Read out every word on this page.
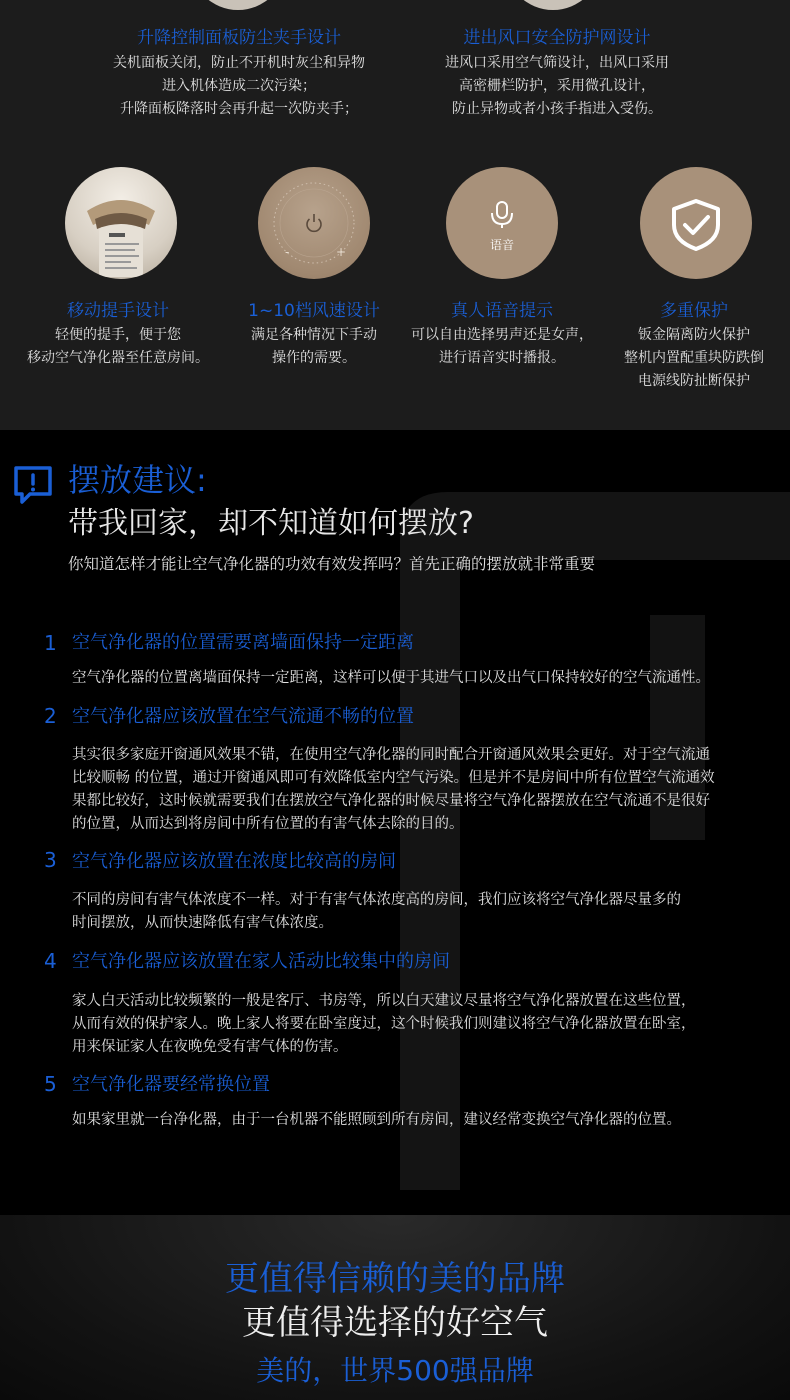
升降控制面板防尘夹手设计
关机面板关闭，防止不开机时灰尘和异物
进入机体造成二次污染；
升降面板降落时会再升起一次防夹手；
进出风口安全防护网设计
进风口采用空气筛设计，出风口采用
高密栅栏防护，采用微孔设计，
防止异物或者小孩手指进入受伤。
-	+	语音
移动提手设计
轻便的提手，便于您
移动空气净化器至任意房间。
1~10档风速设计
满足各种情况下手动
操作的需要。
真人语音提示
可以自由选择男声还是女声，
进行语音实时播报。
多重保护
钣金隔离防火保护
整机内置配重块防跌倒
电源线防扯断保护
摆放建议:
带我回家，却不知道如何摆放?
你知道怎样才能让空气净化器的功效有效发挥吗？首先正确的摆放就非常重要
1 空气净化器的位置需要离墙面保持一定距离
空气净化器的位置离墙面保持一定距离，这样可以便于其进气口以及出气口保持较好的空气流通性。
2 空气净化器应该放置在空气流通不畅的位置
其实很多家庭开窗通风效果不错，在使用空气净化器的同时配合开窗通风效果会更好。对于空气流通
比较顺畅 的位置，通过开窗通风即可有效降低室内空气污染。但是并不是房间中所有位置空气流通效
果都比较好，这时候就需要我们在摆放空气净化器的时候尽量将空气净化器摆放在空气流通不是很好
的位置，从而达到将房间中所有位置的有害气体去除的目的。
3 空气净化器应该放置在浓度比较高的房间
不同的房间有害气体浓度不一样。对于有害气体浓度高的房间，我们应该将空气净化器尽量多的
时间摆放，从而快速降低有害气体浓度。
4 空气净化器应该放置在家人活动比较集中的房间
家人白天活动比较频繁的一般是客厅、书房等，所以白天建议尽量将空气净化器放置在这些位置，
从而有效的保护家人。晚上家人将要在卧室度过，这个时候我们则建议将空气净化器放置在卧室，
用来保证家人在夜晚免受有害气体的伤害。
5 空气净化器要经常换位置
如果家里就一台净化器，由于一台机器不能照顾到所有房间，建议经常变换空气净化器的位置。
更值得信赖的美的品牌
更值得选择的好空气
美的，世界500强品牌
